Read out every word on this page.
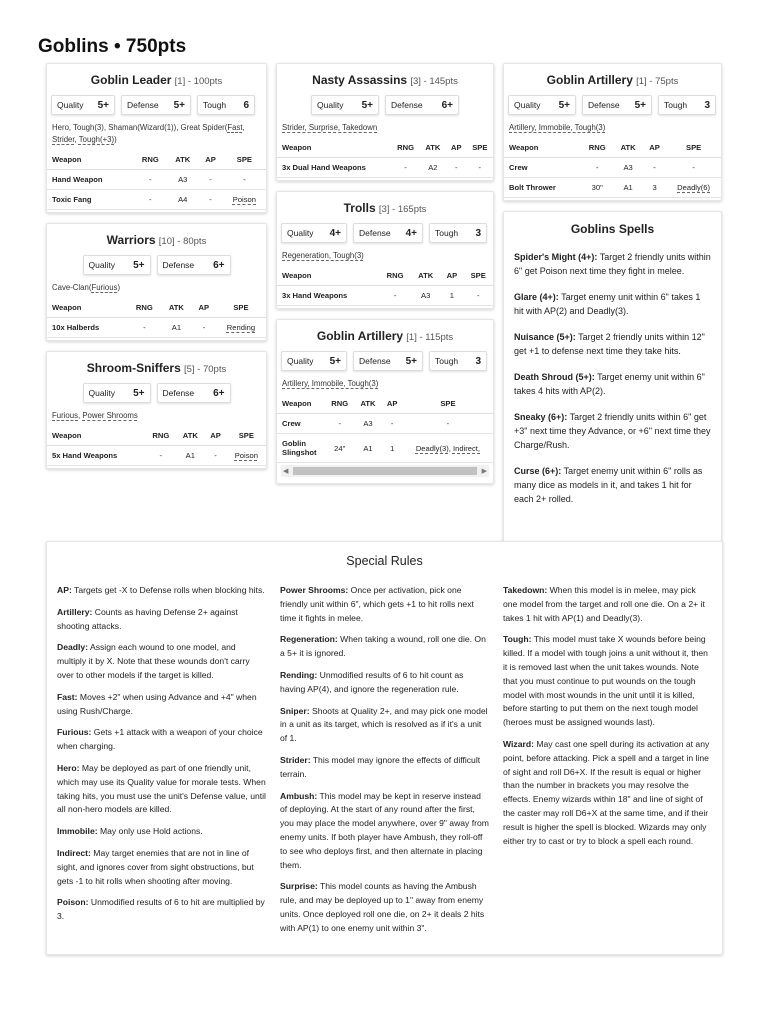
Goblins • 750pts
Goblin Leader [1] - 100pts
Quality 5+ Defense 5+ Tough 6
Hero, Tough(3), Shaman(Wizard(1)), Great Spider(Fast, Strider, Tough(+3))
Weapon	RNG	ATK	AP	SPE
Hand Weapon	-	A3	-	-
Toxic Fang	-	A4	-	Poison
Warriors [10] - 80pts
Quality 5+ Defense 6+
Cave-Clan(Furious)
Weapon	RNG	ATK	AP	SPE
10x Halberds	-	A1	-	Rending
Shroom-Sniffers [5] - 70pts
Quality 5+ Defense 6+
Furious, Power Shrooms
Weapon	RNG	ATK	AP	SPE
5x Hand Weapons	-	A1	-	Poison
Nasty Assassins [3] - 145pts
Quality 5+ Defense 6+
Strider, Surprise, Takedown
Weapon	RNG	ATK	AP	SPE
3x Dual Hand Weapons	-	A2	-	-
Trolls [3] - 165pts
Quality 4+ Defense 4+ Tough 3
Regeneration, Tough(3)
Weapon	RNG	ATK	AP	SPE
3x Hand Weapons	-	A3	1	-
Goblin Artillery [1] - 115pts
Quality 5+ Defense 5+ Tough 3
Artillery, Immobile, Tough(3)
Weapon	RNG	ATK	AP	SPE
Crew	-	A3	-	-
Goblin Slingshot	24"	A1	1	Deadly(3), Indirect,
◀	▶
Goblin Artillery [1] - 75pts
Quality 5+ Defense 5+ Tough 3
Artillery, Immobile, Tough(3)
Weapon	RNG	ATK	AP	SPE
Crew	-	A3	-	-
Bolt Thrower	30"	A1	3	Deadly(6)
Goblins Spells
Spider's Might (4+): Target 2 friendly units within 6" get Poison next time they fight in melee.
Glare (4+): Target enemy unit within 6" takes 1 hit with AP(2) and Deadly(3).
Nuisance (5+): Target 2 friendly units within 12" get +1 to defense next time they take hits.
Death Shroud (5+): Target enemy unit within 6" takes 4 hits with AP(2).
Sneaky (6+): Target 2 friendly units within 6" get +3" next time they Advance, or +6" next time they Charge/Rush.
Curse (6+): Target enemy unit within 6" rolls as many dice as models in it, and takes 1 hit for each 2+ rolled.
Special Rules
AP: Targets get -X to Defense rolls when blocking hits.
Artillery: Counts as having Defense 2+ against shooting attacks.
Deadly: Assign each wound to one model, and multiply it by X. Note that these wounds don't carry over to other models if the target is killed.
Fast: Moves +2" when using Advance and +4" when using Rush/Charge.
Furious: Gets +1 attack with a weapon of your choice when charging.
Hero: May be deployed as part of one friendly unit, which may use its Quality value for morale tests. When taking hits, you must use the unit's Defense value, until all non-hero models are killed.
Immobile: May only use Hold actions.
Indirect: May target enemies that are not in line of sight, and ignores cover from sight obstructions, but gets -1 to hit rolls when shooting after moving.
Poison: Unmodified results of 6 to hit are multiplied by 3.
Power Shrooms: Once per activation, pick one friendly unit within 6", which gets +1 to hit rolls next time it fights in melee.
Regeneration: When taking a wound, roll one die. On a 5+ it is ignored.
Rending: Unmodified results of 6 to hit count as having AP(4), and ignore the regeneration rule.
Sniper: Shoots at Quality 2+, and may pick one model in a unit as its target, which is resolved as if it's a unit of 1.
Strider: This model may ignore the effects of difficult terrain.
Ambush: This model may be kept in reserve instead of deploying. At the start of any round after the first, you may place the model anywhere, over 9" away from enemy units. If both player have Ambush, they roll-off to see who deploys first, and then alternate in placing them.
Surprise: This model counts as having the Ambush rule, and may be deployed up to 1" away from enemy units. Once deployed roll one die, on 2+ it deals 2 hits with AP(1) to one enemy unit within 3".
Takedown: When this model is in melee, may pick one model from the target and roll one die. On a 2+ it takes 1 hit with AP(1) and Deadly(3).
Tough: This model must take X wounds before being killed. If a model with tough joins a unit without it, then it is removed last when the unit takes wounds. Note that you must continue to put wounds on the tough model with most wounds in the unit until it is killed, before starting to put them on the next tough model (heroes must be assigned wounds last).
Wizard: May cast one spell during its activation at any point, before attacking. Pick a spell and a target in line of sight and roll D6+X. If the result is equal or higher than the number in brackets you may resolve the effects. Enemy wizards within 18" and line of sight of the caster may roll D6+X at the same time, and if their result is higher the spell is blocked. Wizards may only either try to cast or try to block a spell each round.
